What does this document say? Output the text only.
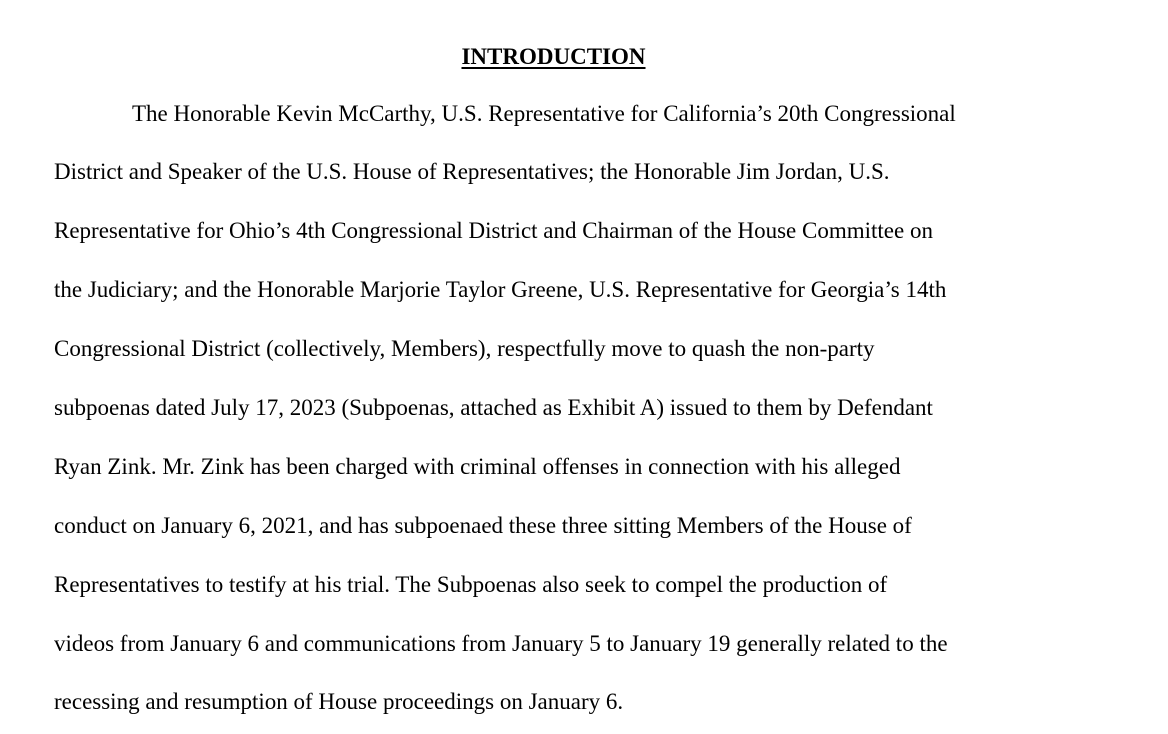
INTRODUCTION
The Honorable Kevin McCarthy, U.S. Representative for California’s 20th Congressional
District and Speaker of the U.S. House of Representatives; the Honorable Jim Jordan, U.S.
Representative for Ohio’s 4th Congressional District and Chairman of the House Committee on
the Judiciary; and the Honorable Marjorie Taylor Greene, U.S. Representative for Georgia’s 14th
Congressional District (collectively, Members), respectfully move to quash the non-party
subpoenas dated July 17, 2023 (Subpoenas, attached as Exhibit A) issued to them by Defendant
Ryan Zink. Mr. Zink has been charged with criminal offenses in connection with his alleged
conduct on January 6, 2021, and has subpoenaed these three sitting Members of the House of
Representatives to testify at his trial. The Subpoenas also seek to compel the production of
videos from January 6 and communications from January 5 to January 19 generally related to the
recessing and resumption of House proceedings on January 6.
